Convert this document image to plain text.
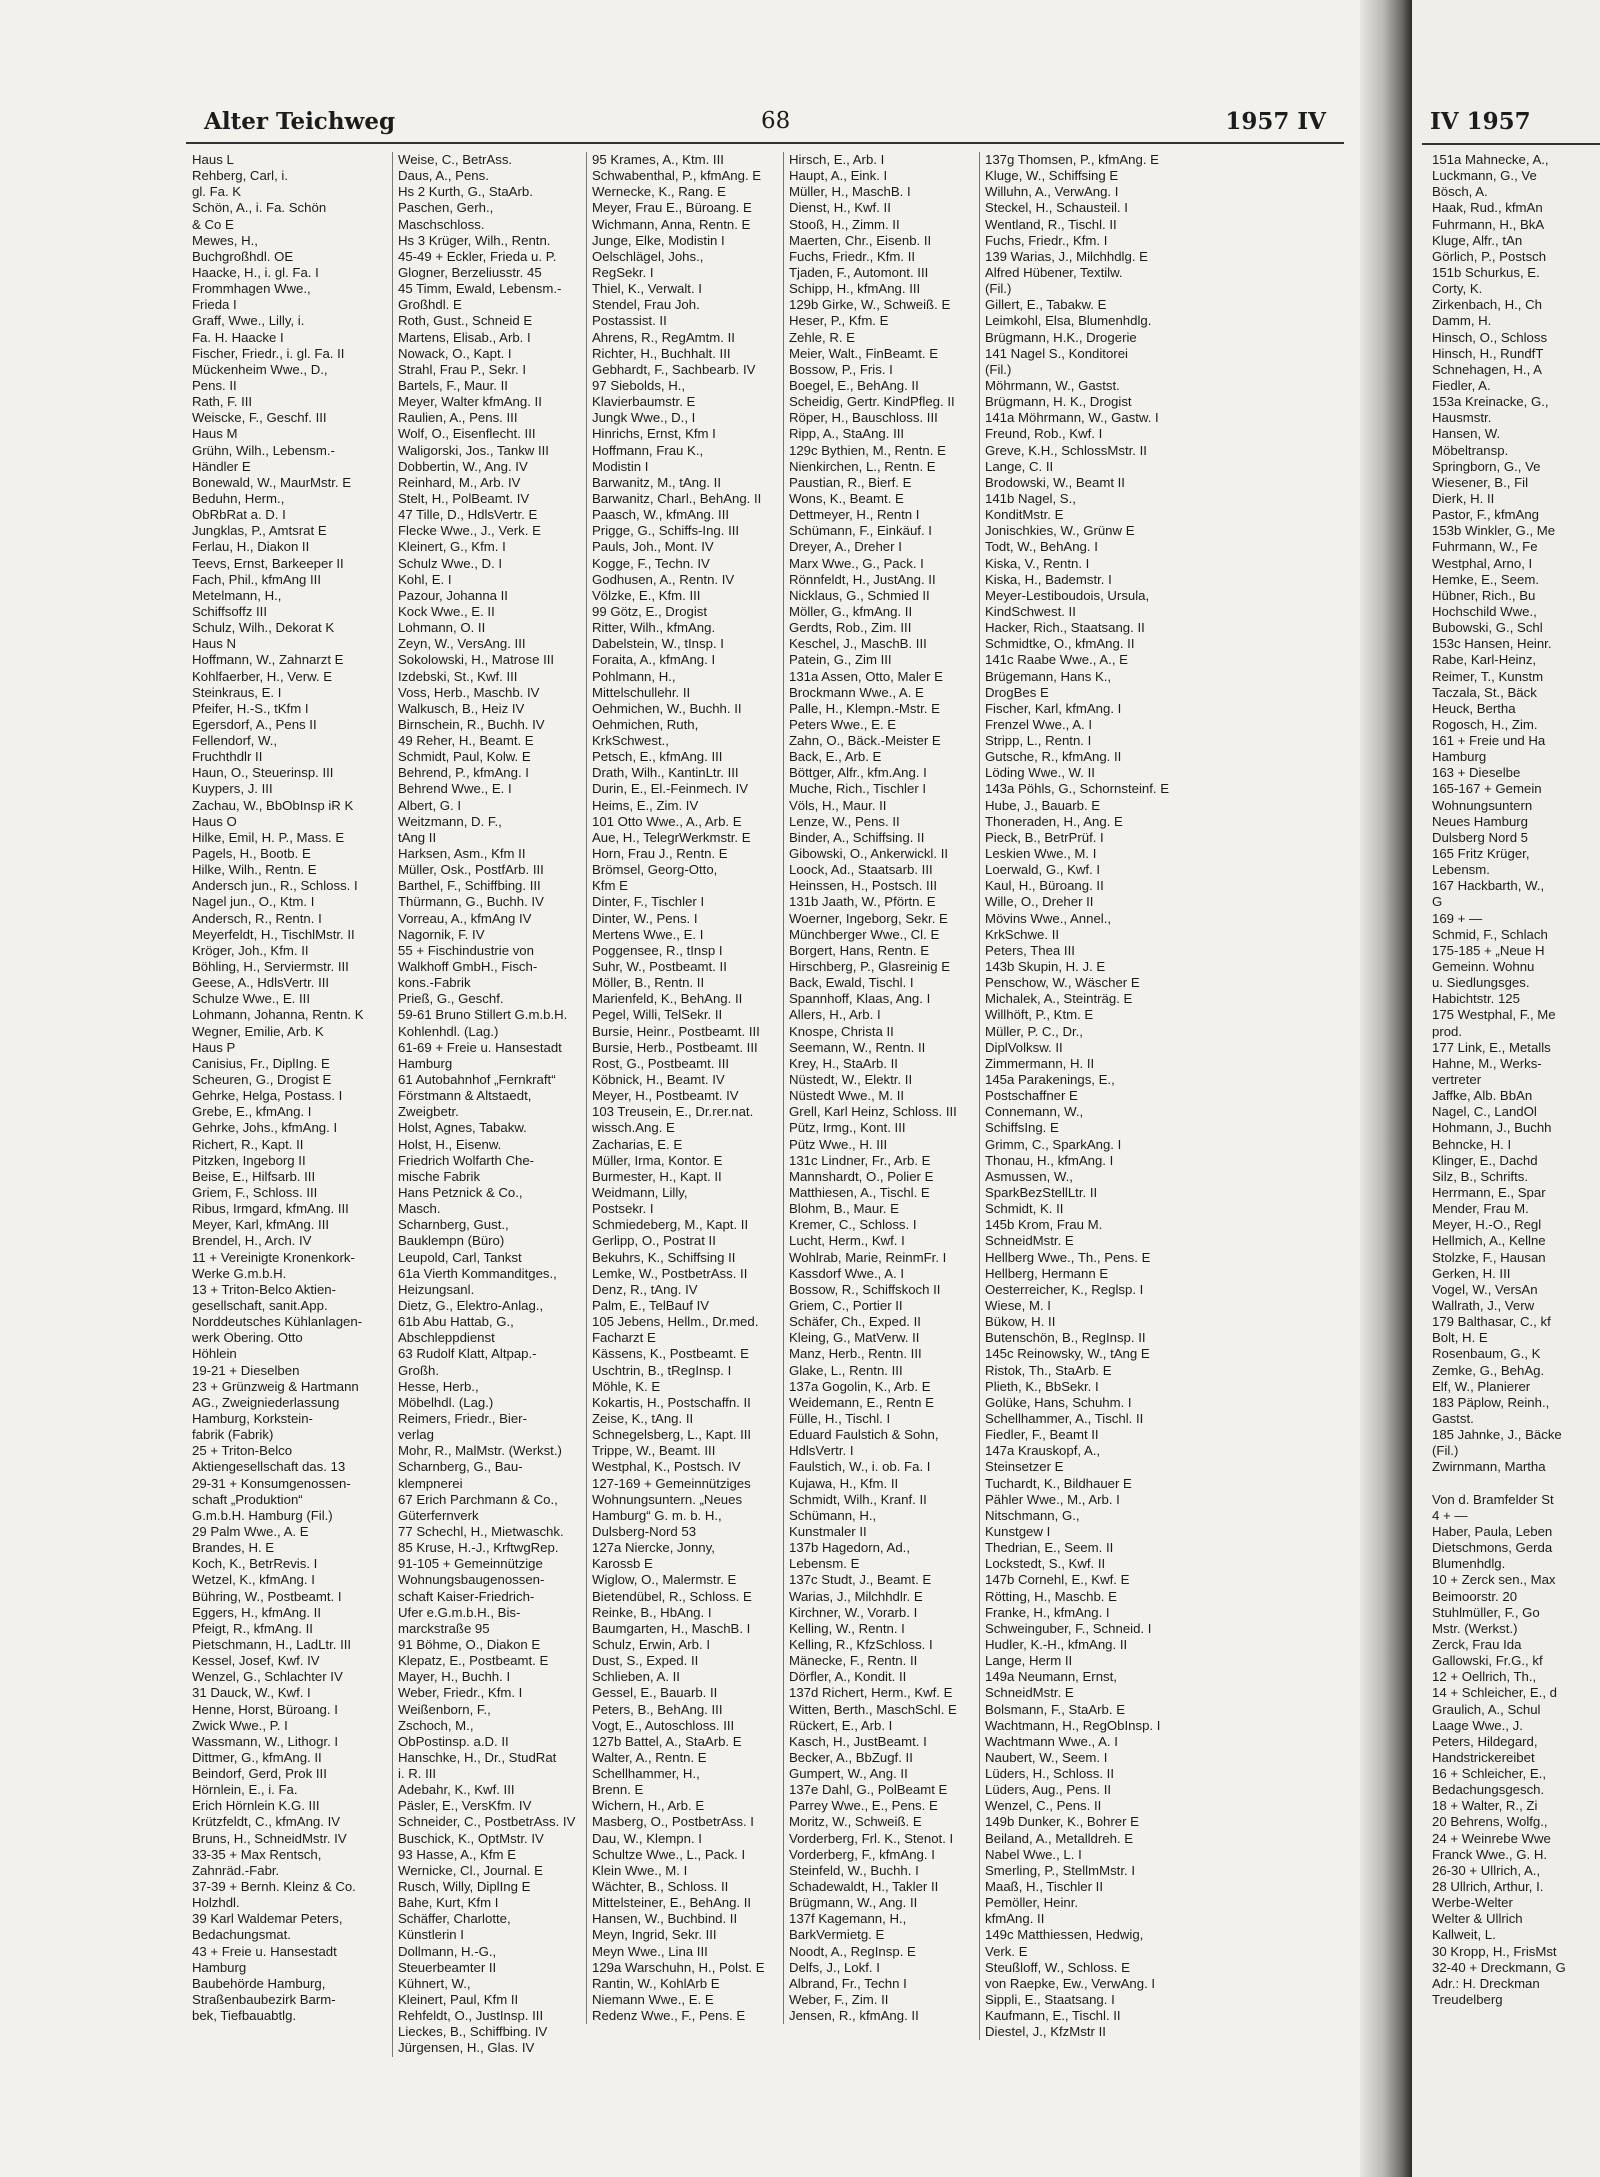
Alter Teichweg	68	1957 IV
Haus L
Rehberg, Carl, i.
gl. Fa. K
Schön, A., i. Fa. Schön
& Co E
Mewes, H.,
Buchgroßhdl. OE
Haacke, H., i. gl. Fa. I
Frommhagen Wwe.,
Frieda I
Graff, Wwe., Lilly, i.
Fa. H. Haacke I
Fischer, Friedr., i. gl. Fa. II
Mückenheim Wwe., D.,
Pens. II
Rath, F. III
Weiscke, F., Geschf. III
Haus M
Grühn, Wilh., Lebensm.-
Händler E
Bonewald, W., MaurMstr. E
Beduhn, Herm.,
ObRbRat a. D. I
Jungklas, P., Amtsrat E
Ferlau, H., Diakon II
Teevs, Ernst, Barkeeper II
Fach, Phil., kfmAng III
Metelmann, H.,
Schiffsoffz III
Schulz, Wilh., Dekorat K
Haus N
Hoffmann, W., Zahnarzt E
Kohlfaerber, H., Verw. E
Steinkraus, E. I
Pfeifer, H.-S., tKfm I
Egersdorf, A., Pens II
Fellendorf, W.,
Fruchthdlr II
Haun, O., Steuerinsp. III
Kuypers, J. III
Zachau, W., BbObInsp iR K
Haus O
Hilke, Emil, H. P., Mass. E
Pagels, H., Bootb. E
Hilke, Wilh., Rentn. E
Andersch jun., R., Schloss. I
Nagel jun., O., Ktm. I
Andersch, R., Rentn. I
Meyerfeldt, H., TischlMstr. II
Kröger, Joh., Kfm. II
Böhling, H., Serviermstr. III
Geese, A., HdlsVertr. III
Schulze Wwe., E. III
Lohmann, Johanna, Rentn. K
Wegner, Emilie, Arb. K
Haus P
Canisius, Fr., DiplIng. E
Scheuren, G., Drogist E
Gehrke, Helga, Postass. I
Grebe, E., kfmAng. I
Gehrke, Johs., kfmAng. I
Richert, R., Kapt. II
Pitzken, Ingeborg II
Beise, E., Hilfsarb. III
Griem, F., Schloss. III
Ribus, Irmgard, kfmAng. III
Meyer, Karl, kfmAng. III
Brendel, H., Arch. IV
11 + Vereinigte Kronenkork-
Werke G.m.b.H.
13 + Triton-Belco Aktien-
gesellschaft, sanit.App.
Norddeutsches Kühlanlagen-
werk Obering. Otto
Höhlein
19-21 + Dieselben
23 + Grünzweig & Hartmann
AG., Zweigniederlassung
Hamburg, Korkstein-
fabrik (Fabrik)
25 + Triton-Belco
Aktiengesellschaft das. 13
29-31 + Konsumgenossen-
schaft „Produktion“
G.m.b.H. Hamburg (Fil.)
29 Palm Wwe., A. E
Brandes, H. E
Koch, K., BetrRevis. I
Wetzel, K., kfmAng. I
Bühring, W., Postbeamt. I
Eggers, H., kfmAng. II
Pfeigt, R., kfmAng. II
Pietschmann, H., LadLtr. III
Kessel, Josef, Kwf. IV
Wenzel, G., Schlachter IV
31 Dauck, W., Kwf. I
Henne, Horst, Büroang. I
Zwick Wwe., P. I
Wassmann, W., Lithogr. I
Dittmer, G., kfmAng. II
Beindorf, Gerd, Prok III
Hörnlein, E., i. Fa.
Erich Hörnlein K.G. III
Krützfeldt, C., kfmAng. IV
Bruns, H., SchneidMstr. IV
33-35 + Max Rentsch,
Zahnräd.-Fabr.
37-39 + Bernh. Kleinz & Co.
Holzhdl.
39 Karl Waldemar Peters,
Bedachungsmat.
43 + Freie u. Hansestadt
Hamburg
Baubehörde Hamburg,
Straßenbaubezirk Barm-
bek, Tiefbauabtlg.
Weise, C., BetrAss.
Daus, A., Pens.
Hs 2 Kurth, G., StaArb.
Paschen, Gerh.,
Maschschloss.
Hs 3 Krüger, Wilh., Rentn.
45-49 + Eckler, Frieda u. P.
Glogner, Berzeliusstr. 45
45 Timm, Ewald, Lebensm.-
Großhdl. E
Roth, Gust., Schneid E
Martens, Elisab., Arb. I
Nowack, O., Kapt. I
Strahl, Frau P., Sekr. I
Bartels, F., Maur. II
Meyer, Walter kfmAng. II
Raulien, A., Pens. III
Wolf, O., Eisenflecht. III
Waligorski, Jos., Tankw III
Dobbertin, W., Ang. IV
Reinhard, M., Arb. IV
Stelt, H., PolBeamt. IV
47 Tille, D., HdlsVertr. E
Flecke Wwe., J., Verk. E
Kleinert, G., Kfm. I
Schulz Wwe., D. I
Kohl, E. I
Pazour, Johanna II
Kock Wwe., E. II
Lohmann, O. II
Zeyn, W., VersAng. III
Sokolowski, H., Matrose III
Izdebski, St., Kwf. III
Voss, Herb., Maschb. IV
Walkusch, B., Heiz IV
Birnschein, R., Buchh. IV
49 Reher, H., Beamt. E
Schmidt, Paul, Kolw. E
Behrend, P., kfmAng. I
Behrend Wwe., E. I
Albert, G. I
Weitzmann, D. F.,
tAng II
Harksen, Asm., Kfm II
Müller, Osk., PostfArb. III
Barthel, F., Schiffbing. III
Thürmann, G., Buchh. IV
Vorreau, A., kfmAng IV
Nagornik, F. IV
55 + Fischindustrie von
Walkhoff GmbH., Fisch-
kons.-Fabrik
Prieß, G., Geschf.
59-61 Bruno Stillert G.m.b.H.
Kohlenhdl. (Lag.)
61-69 + Freie u. Hansestadt
Hamburg
61 Autobahnhof „Fernkraft“
Förstmann & Altstaedt,
Zweigbetr.
Holst, Agnes, Tabakw.
Holst, H., Eisenw.
Friedrich Wolfarth Che-
mische Fabrik
Hans Petznick & Co.,
Masch.
Scharnberg, Gust.,
Bauklempn (Büro)
Leupold, Carl, Tankst
61a Vierth Kommanditges.,
Heizungsanl.
Dietz, G., Elektro-Anlag.,
61b Abu Hattab, G.,
Abschleppdienst
63 Rudolf Klatt, Altpap.-
Großh.
Hesse, Herb.,
Möbelhdl. (Lag.)
Reimers, Friedr., Bier-
verlag
Mohr, R., MalMstr. (Werkst.)
Scharnberg, G., Bau-
klempnerei
67 Erich Parchmann & Co.,
Güterfernverk
77 Schechl, H., Mietwaschk.
85 Kruse, H.-J., KrftwgRep.
91-105 + Gemeinnützige
Wohnungsbaugenossen-
schaft Kaiser-Friedrich-
Ufer e.G.m.b.H., Bis-
marckstraße 95
91 Böhme, O., Diakon E
Klepatz, E., Postbeamt. E
Mayer, H., Buchh. I
Weber, Friedr., Kfm. I
Weißenborn, F.,
Zschoch, M.,
ObPostinsp. a.D. II
Hanschke, H., Dr., StudRat
i. R. III
Adebahr, K., Kwf. III
Päsler, E., VersKfm. IV
Schneider, C., PostbetrAss. IV
Buschick, K., OptMstr. IV
93 Hasse, A., Kfm E
Wernicke, Cl., Journal. E
Rusch, Willy, DiplIng E
Bahe, Kurt, Kfm I
Schäffer, Charlotte,
Künstlerin I
Dollmann, H.-G.,
Steuerbeamter II
Kühnert, W.,
Kleinert, Paul, Kfm II
Rehfeldt, O., JustInsp. III
Lieckes, B., Schiffbing. IV
Jürgensen, H., Glas. IV
95 Krames, A., Ktm. III
Schwabenthal, P., kfmAng. E
Wernecke, K., Rang. E
Meyer, Frau E., Büroang. E
Wichmann, Anna, Rentn. E
Junge, Elke, Modistin I
Oelschlägel, Johs.,
RegSekr. I
Thiel, K., Verwalt. I
Stendel, Frau Joh.
Postassist. II
Ahrens, R., RegAmtm. II
Richter, H., Buchhalt. III
Gebhardt, F., Sachbearb. IV
97 Siebolds, H.,
Klavierbaumstr. E
Jungk Wwe., D., I
Hinrichs, Ernst, Kfm I
Hoffmann, Frau K.,
Modistin I
Barwanitz, M., tAng. II
Barwanitz, Charl., BehAng. II
Paasch, W., kfmAng. III
Prigge, G., Schiffs-Ing. III
Pauls, Joh., Mont. IV
Kogge, F., Techn. IV
Godhusen, A., Rentn. IV
Völzke, E., Kfm. III
99 Götz, E., Drogist
Ritter, Wilh., kfmAng.
Dabelstein, W., tInsp. I
Foraita, A., kfmAng. I
Pohlmann, H.,
Mittelschullehr. II
Oehmichen, W., Buchh. II
Oehmichen, Ruth,
KrkSchwest.,
Petsch, E., kfmAng. III
Drath, Wilh., KantinLtr. III
Durin, E., El.-Feinmech. IV
Heims, E., Zim. IV
101 Otto Wwe., A., Arb. E
Aue, H., TelegrWerkmstr. E
Horn, Frau J., Rentn. E
Brömsel, Georg-Otto,
Kfm E
Dinter, F., Tischler I
Dinter, W., Pens. I
Mertens Wwe., E. I
Poggensee, R., tInsp I
Suhr, W., Postbeamt. II
Möller, B., Rentn. II
Marienfeld, K., BehAng. II
Pegel, Willi, TelSekr. II
Bursie, Heinr., Postbeamt. III
Bursie, Herb., Postbeamt. III
Rost, G., Postbeamt. III
Köbnick, H., Beamt. IV
Meyer, H., Postbeamt. IV
103 Treusein, E., Dr.rer.nat.
wissch.Ang. E
Zacharias, E. E
Müller, Irma, Kontor. E
Burmester, H., Kapt. II
Weidmann, Lilly,
Postsekr. I
Schmiedeberg, M., Kapt. II
Gerlipp, O., Postrat II
Bekuhrs, K., Schiffsing II
Lemke, W., PostbetrAss. II
Denz, R., tAng. IV
Palm, E., TelBauf IV
105 Jebens, Hellm., Dr.med.
Facharzt E
Kässens, K., Postbeamt. E
Uschtrin, B., tRegInsp. I
Möhle, K. E
Kokartis, H., Postschaffn. II
Zeise, K., tAng. II
Schnegelsberg, L., Kapt. III
Trippe, W., Beamt. III
Westphal, K., Postsch. IV
127-169 + Gemeinnütziges
Wohnungsuntern. „Neues
Hamburg“ G. m. b. H.,
Dulsberg-Nord 53
127a Niercke, Jonny,
Karossb E
Wiglow, O., Malermstr. E
Bietendübel, R., Schloss. E
Reinke, B., HbAng. I
Baumgarten, H., MaschB. I
Schulz, Erwin, Arb. I
Dust, S., Exped. II
Schlieben, A. II
Gessel, E., Bauarb. II
Peters, B., BehAng. III
Vogt, E., Autoschloss. III
127b Battel, A., StaArb. E
Walter, A., Rentn. E
Schellhammer, H.,
Brenn. E
Wichern, H., Arb. E
Masberg, O., PostbetrAss. I
Dau, W., Klempn. I
Schultze Wwe., L., Pack. I
Klein Wwe., M. I
Wächter, B., Schloss. II
Mittelsteiner, E., BehAng. II
Hansen, W., Buchbind. II
Meyn, Ingrid, Sekr. III
Meyn Wwe., Lina III
129a Warschuhn, H., Polst. E
Rantin, W., KohlArb E
Niemann Wwe., E. E
Redenz Wwe., F., Pens. E
Hirsch, E., Arb. I
Haupt, A., Eink. I
Müller, H., MaschB. I
Dienst, H., Kwf. II
Stooß, H., Zimm. II
Maerten, Chr., Eisenb. II
Fuchs, Friedr., Kfm. II
Tjaden, F., Automont. III
Schipp, H., kfmAng. III
129b Girke, W., Schweiß. E
Heser, P., Kfm. E
Zehle, R. E
Meier, Walt., FinBeamt. E
Bossow, P., Fris. I
Boegel, E., BehAng. II
Scheidig, Gertr. KindPfleg. II
Röper, H., Bauschloss. III
Ripp, A., StaAng. III
129c Bythien, M., Rentn. E
Nienkirchen, L., Rentn. E
Paustian, R., Bierf. E
Wons, K., Beamt. E
Dettmeyer, H., Rentn I
Schümann, F., Einkäuf. I
Dreyer, A., Dreher I
Marx Wwe., G., Pack. I
Rönnfeldt, H., JustAng. II
Nicklaus, G., Schmied II
Möller, G., kfmAng. II
Gerdts, Rob., Zim. III
Keschel, J., MaschB. III
Patein, G., Zim III
131a Assen, Otto, Maler E
Brockmann Wwe., A. E
Palle, H., Klempn.-Mstr. E
Peters Wwe., E. E
Zahn, O., Bäck.-Meister E
Back, E., Arb. E
Böttger, Alfr., kfm.Ang. I
Muche, Rich., Tischler I
Völs, H., Maur. II
Lenze, W., Pens. II
Binder, A., Schiffsing. II
Gibowski, O., Ankerwickl. II
Loock, Ad., Staatsarb. III
Heinssen, H., Postsch. III
131b Jaath, W., Pförtn. E
Woerner, Ingeborg, Sekr. E
Münchberger Wwe., Cl. E
Borgert, Hans, Rentn. E
Hirschberg, P., Glasreinig E
Back, Ewald, Tischl. I
Spannhoff, Klaas, Ang. I
Allers, H., Arb. I
Knospe, Christa II
Seemann, W., Rentn. II
Krey, H., StaArb. II
Nüstedt, W., Elektr. II
Nüstedt Wwe., M. II
Grell, Karl Heinz, Schloss. III
Pütz, Irmg., Kont. III
Pütz Wwe., H. III
131c Lindner, Fr., Arb. E
Mannshardt, O., Polier E
Matthiesen, A., Tischl. E
Blohm, B., Maur. E
Kremer, C., Schloss. I
Lucht, Herm., Kwf. I
Wohlrab, Marie, ReinmFr. I
Kassdorf Wwe., A. I
Bossow, R., Schiffskoch II
Griem, C., Portier II
Schäfer, Ch., Exped. II
Kleing, G., MatVerw. II
Manz, Herb., Rentn. III
Glake, L., Rentn. III
137a Gogolin, K., Arb. E
Weidemann, E., Rentn E
Fülle, H., Tischl. I
Eduard Faulstich & Sohn,
HdlsVertr. I
Faulstich, W., i. ob. Fa. I
Kujawa, H., Kfm. II
Schmidt, Wilh., Kranf. II
Schümann, H.,
Kunstmaler II
137b Hagedorn, Ad.,
Lebensm. E
137c Studt, J., Beamt. E
Warias, J., Milchhdlr. E
Kirchner, W., Vorarb. I
Kelling, W., Rentn. I
Kelling, R., KfzSchloss. I
Mänecke, F., Rentn. II
Dörfler, A., Kondit. II
137d Richert, Herm., Kwf. E
Witten, Berth., MaschSchl. E
Rückert, E., Arb. I
Kasch, H., JustBeamt. I
Becker, A., BbZugf. II
Gumpert, W., Ang. II
137e Dahl, G., PolBeamt E
Parrey Wwe., E., Pens. E
Moritz, W., Schweiß. E
Vorderberg, Frl. K., Stenot. I
Vorderberg, F., kfmAng. I
Steinfeld, W., Buchh. I
Schadewaldt, H., Takler II
Brügmann, W., Ang. II
137f Kagemann, H.,
BarkVermietg. E
Noodt, A., RegInsp. E
Delfs, J., Lokf. I
Albrand, Fr., Techn I
Weber, F., Zim. II
Jensen, R., kfmAng. II
137g Thomsen, P., kfmAng. E
Kluge, W., Schiffsing E
Willuhn, A., VerwAng. I
Steckel, H., Schausteil. I
Wentland, R., Tischl. II
Fuchs, Friedr., Kfm. I
139 Warias, J., Milchhdlg. E
Alfred Hübener, Textilw.
(Fil.)
Gillert, E., Tabakw. E
Leimkohl, Elsa, Blumenhdlg.
Brügmann, H.K., Drogerie
141 Nagel S., Konditorei
(Fil.)
Möhrmann, W., Gastst.
Brügmann, H. K., Drogist
141a Möhrmann, W., Gastw. I
Freund, Rob., Kwf. I
Greve, K.H., SchlossMstr. II
Lange, C. II
Brodowski, W., Beamt II
141b Nagel, S.,
KonditMstr. E
Jonischkies, W., Grünw E
Todt, W., BehAng. I
Kiska, V., Rentn. I
Kiska, H., Bademstr. I
Meyer-Lestiboudois, Ursula,
KindSchwest. II
Hacker, Rich., Staatsang. II
Schmidtke, O., kfmAng. II
141c Raabe Wwe., A., E
Brügemann, Hans K.,
DrogBes E
Fischer, Karl, kfmAng. I
Frenzel Wwe., A. I
Stripp, L., Rentn. I
Gutsche, R., kfmAng. II
Löding Wwe., W. II
143a Pöhls, G., Schornsteinf. E
Hube, J., Bauarb. E
Thoneraden, H., Ang. E
Pieck, B., BetrPrüf. I
Leskien Wwe., M. I
Loerwald, G., Kwf. I
Kaul, H., Büroang. II
Wille, O., Dreher II
Mövins Wwe., Annel.,
KrkSchwe. II
Peters, Thea III
143b Skupin, H. J. E
Penschow, W., Wäscher E
Michalek, A., Steinträg. E
Willhöft, P., Ktm. E
Müller, P. C., Dr.,
DiplVolksw. II
Zimmermann, H. II
145a Parakenings, E.,
Postschaffner E
Connemann, W.,
SchiffsIng. E
Grimm, C., SparkAng. I
Thonau, H., kfmAng. I
Asmussen, W.,
SparkBezStellLtr. II
Schmidt, K. II
145b Krom, Frau M.
SchneidMstr. E
Hellberg Wwe., Th., Pens. E
Hellberg, Hermann E
Oesterreicher, K., Reglsp. I
Wiese, M. I
Bükow, H. II
Butenschön, B., RegInsp. II
145c Reinowsky, W., tAng E
Ristok, Th., StaArb. E
Plieth, K., BbSekr. I
Golüke, Hans, Schuhm. I
Schellhammer, A., Tischl. II
Fiedler, F., Beamt II
147a Krauskopf, A.,
Steinsetzer E
Tuchardt, K., Bildhauer E
Pähler Wwe., M., Arb. I
Nitschmann, G.,
Kunstgew I
Thedrian, E., Seem. II
Lockstedt, S., Kwf. II
147b Cornehl, E., Kwf. E
Rötting, H., Maschb. E
Franke, H., kfmAng. I
Schweinguber, F., Schneid. I
Hudler, K.-H., kfmAng. II
Lange, Herm II
149a Neumann, Ernst,
SchneidMstr. E
Bolsmann, F., StaArb. E
Wachtmann, H., RegObInsp. I
Wachtmann Wwe., A. I
Naubert, W., Seem. I
Lüders, H., Schloss. II
Lüders, Aug., Pens. II
Wenzel, C., Pens. II
149b Dunker, K., Bohrer E
Beiland, A., Metalldreh. E
Nabel Wwe., L. I
Smerling, P., StellmMstr. I
Maaß, H., Tischler II
Pemöller, Heinr.
kfmAng. II
149c Matthiessen, Hedwig,
Verk. E
Steußloff, W., Schloss. E
von Raepke, Ew., VerwAng. I
Sippli, E., Staatsang. I
Kaufmann, E., Tischl. II
Diestel, J., KfzMstr II
IV 1957
151a Mahnecke, A.,
Luckmann, G., Ve
Bösch, A.
Haak, Rud., kfmAn
Fuhrmann, H., BkA
Kluge, Alfr., tAn
Görlich, P., Postsch
151b Schurkus, E.
Corty, K.
Zirkenbach, H., Ch
Damm, H.
Hinsch, O., Schloss
Hinsch, H., RundfT
Schnehagen, H., A
Fiedler, A.
153a Kreinacke, G.,
Hausmstr.
Hansen, W.
Möbeltransp.
Springborn, G., Ve
Wiesener, B., Fil
Dierk, H. II
Pastor, F., kfmAng
153b Winkler, G., Me
Fuhrmann, W., Fe
Westphal, Arno, I
Hemke, E., Seem.
Hübner, Rich., Bu
Hochschild Wwe.,
Bubowski, G., Schl
153c Hansen, Heinr.
Rabe, Karl-Heinz,
Reimer, T., Kunstm
Taczala, St., Bäck
Heuck, Bertha
Rogosch, H., Zim.
161 + Freie und Ha
Hamburg
163 + Dieselbe
165-167 + Gemein
Wohnungsuntern
Neues Hamburg
Dulsberg Nord 5
165 Fritz Krüger,
Lebensm.
167 Hackbarth, W.,
G
169 + —
Schmid, F., Schlach
175-185 + „Neue H
Gemeinn. Wohnu
u. Siedlungsges.
Habichtstr. 125
175 Westphal, F., Me
prod.
177 Link, E., Metalls
Hahne, M., Werks-
vertreter
Jaffke, Alb. BbAn
Nagel, C., LandOl
Hohmann, J., Buchh
Behncke, H. I
Klinger, E., Dachd
Silz, B., Schrifts.
Herrmann, E., Spar
Mender, Frau M.
Meyer, H.-O., Regl
Hellmich, A., Kellne
Stolzke, F., Hausan
Gerken, H. III
Vogel, W., VersAn
Wallrath, J., Verw
179 Balthasar, C., kf
Bolt, H. E
Rosenbaum, G., K
Zemke, G., BehAg.
Elf, W., Planierer
183 Päplow, Reinh.,
Gastst.
185 Jahnke, J., Bäcke
(Fil.)
Zwirnmann, Martha
Von d. Bramfelder St
4 + —
Haber, Paula, Leben
Dietschmons, Gerda
Blumenhdlg.
10 + Zerck sen., Max
Beimoorstr. 20
Stuhlmüller, F., Go
Mstr. (Werkst.)
Zerck, Frau Ida
Gallowski, Fr.G., kf
12 + Oellrich, Th.,
14 + Schleicher, E., d
Graulich, A., Schul
Laage Wwe., J.
Peters, Hildegard,
Handstrickereibet
16 + Schleicher, E.,
Bedachungsgesch.
18 + Walter, R., Zi
20 Behrens, Wolfg.,
24 + Weinrebe Wwe
Franck Wwe., G. H.
26-30 + Ullrich, A.,
28 Ullrich, Arthur, I.
Werbe-Welter
Welter & Ullrich
Kallweit, L.
30 Kropp, H., FrisMst
32-40 + Dreckmann, G
Adr.: H. Dreckman
Treudelberg
